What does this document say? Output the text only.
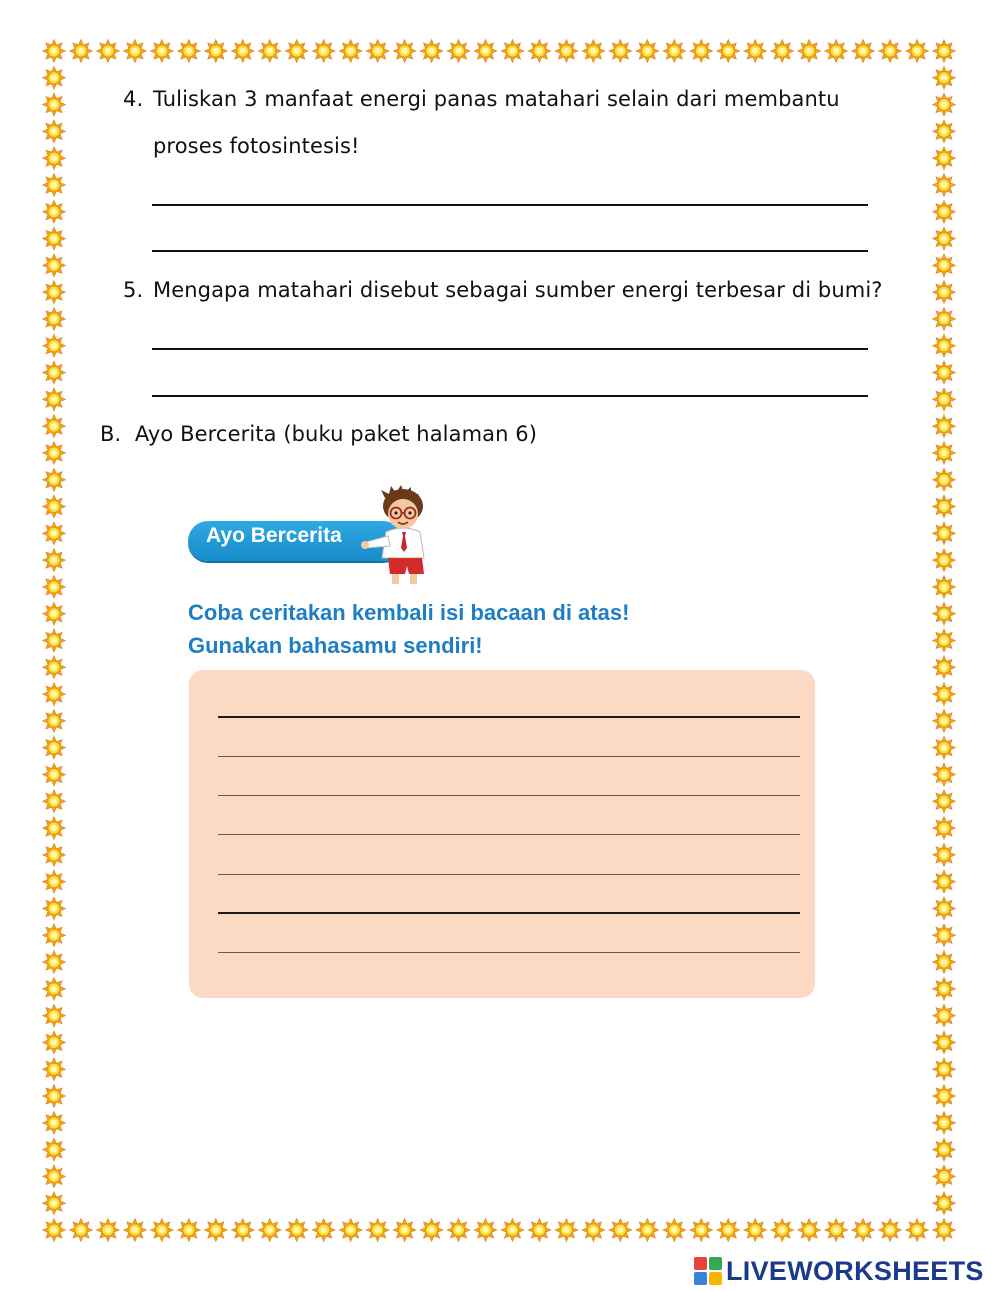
4. Tuliskan 3 manfaat energi panas matahari selain dari membantu
proses fotosintesis!
5. Mengapa matahari disebut sebagai sumber energi terbesar di bumi?
B.  Ayo Bercerita (buku paket halaman 6)
Ayo Bercerita
Coba ceritakan kembali isi bacaan di atas!
Gunakan bahasamu sendiri!
LIVEWORKSHEETS
